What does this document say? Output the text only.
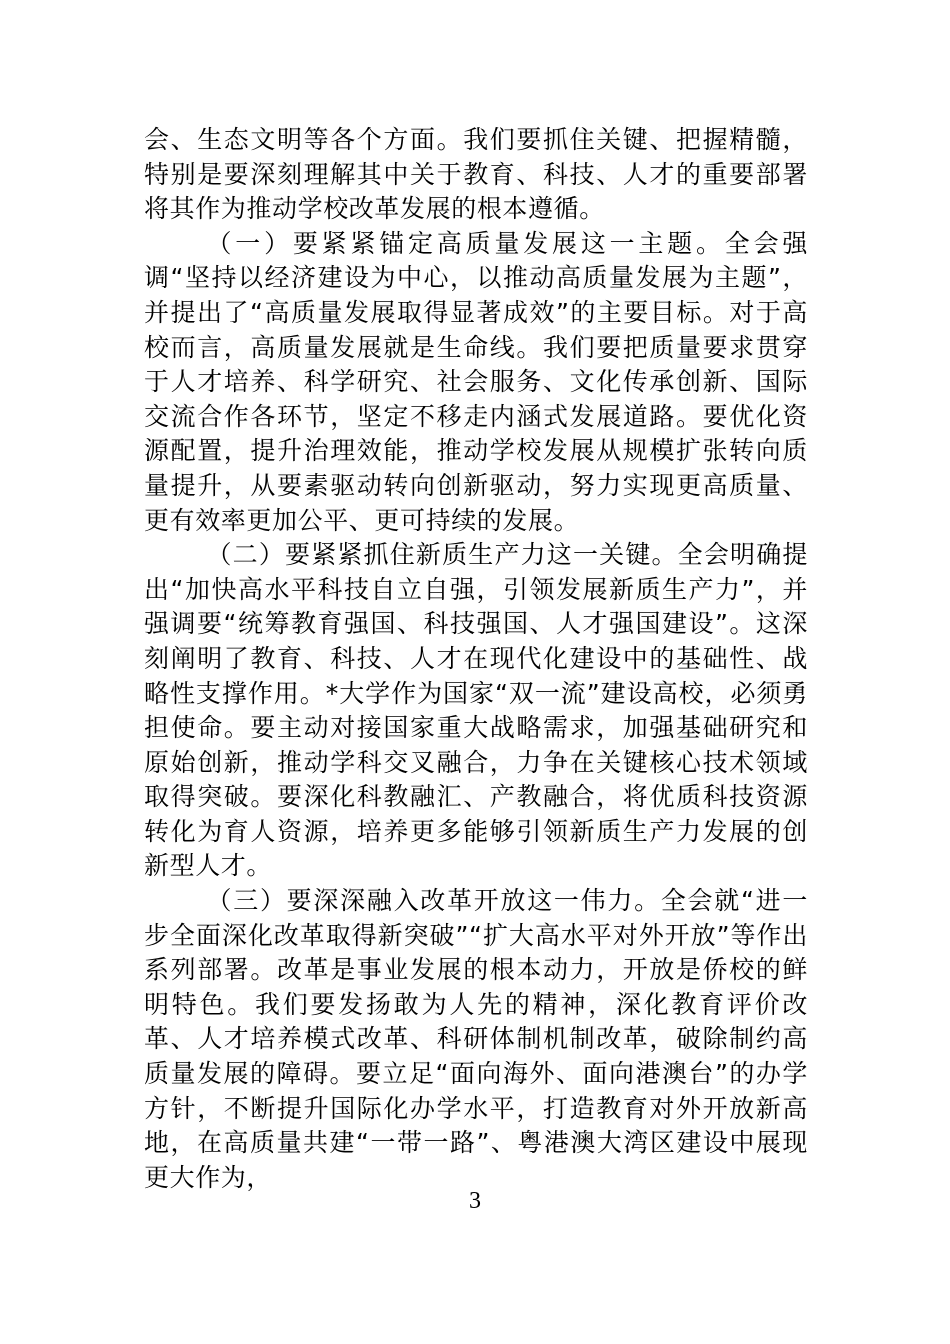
会、生态文明等各个方面。我们要抓住关键、把握精髓，特别是要深刻理解其中关于教育、科技、人才的重要部署将其作为推动学校改革发展的根本遵循。

（一）要紧紧锚定高质量发展这一主题。全会强调“坚持以经济建设为中心，以推动高质量发展为主题”，并提出了“高质量发展取得显著成效”的主要目标。对于高校而言，高质量发展就是生命线。我们要把质量要求贯穿于人才培养、科学研究、社会服务、文化传承创新、国际交流合作各环节，坚定不移走内涵式发展道路。要优化资源配置，提升治理效能，推动学校发展从规模扩张转向质量提升，从要素驱动转向创新驱动，努力实现更高质量、更有效率更加公平、更可持续的发展。

（二）要紧紧抓住新质生产力这一关键。全会明确提出“加快高水平科技自立自强，引领发展新质生产力”，并强调要“统筹教育强国、科技强国、人才强国建设”。这深刻阐明了教育、科技、人才在现代化建设中的基础性、战略性支撑作用。*大学作为国家“双一流”建设高校，必须勇担使命。要主动对接国家重大战略需求，加强基础研究和原始创新，推动学科交叉融合，力争在关键核心技术领域取得突破。要深化科教融汇、产教融合，将优质科技资源转化为育人资源，培养更多能够引领新质生产力发展的创新型人才。

（三）要深深融入改革开放这一伟力。全会就“进一步全面深化改革取得新突破”“扩大高水平对外开放”等作出系列部署。改革是事业发展的根本动力，开放是侨校的鲜明特色。我们要发扬敢为人先的精神，深化教育评价改革、人才培养模式改革、科研体制机制改革，破除制约高质量发展的障碍。要立足“面向海外、面向港澳台”的办学方针，不断提升国际化办学水平，打造教育对外开放新高地，在高质量共建“一带一路”、粤港澳大湾区建设中展现更大作为，

3
